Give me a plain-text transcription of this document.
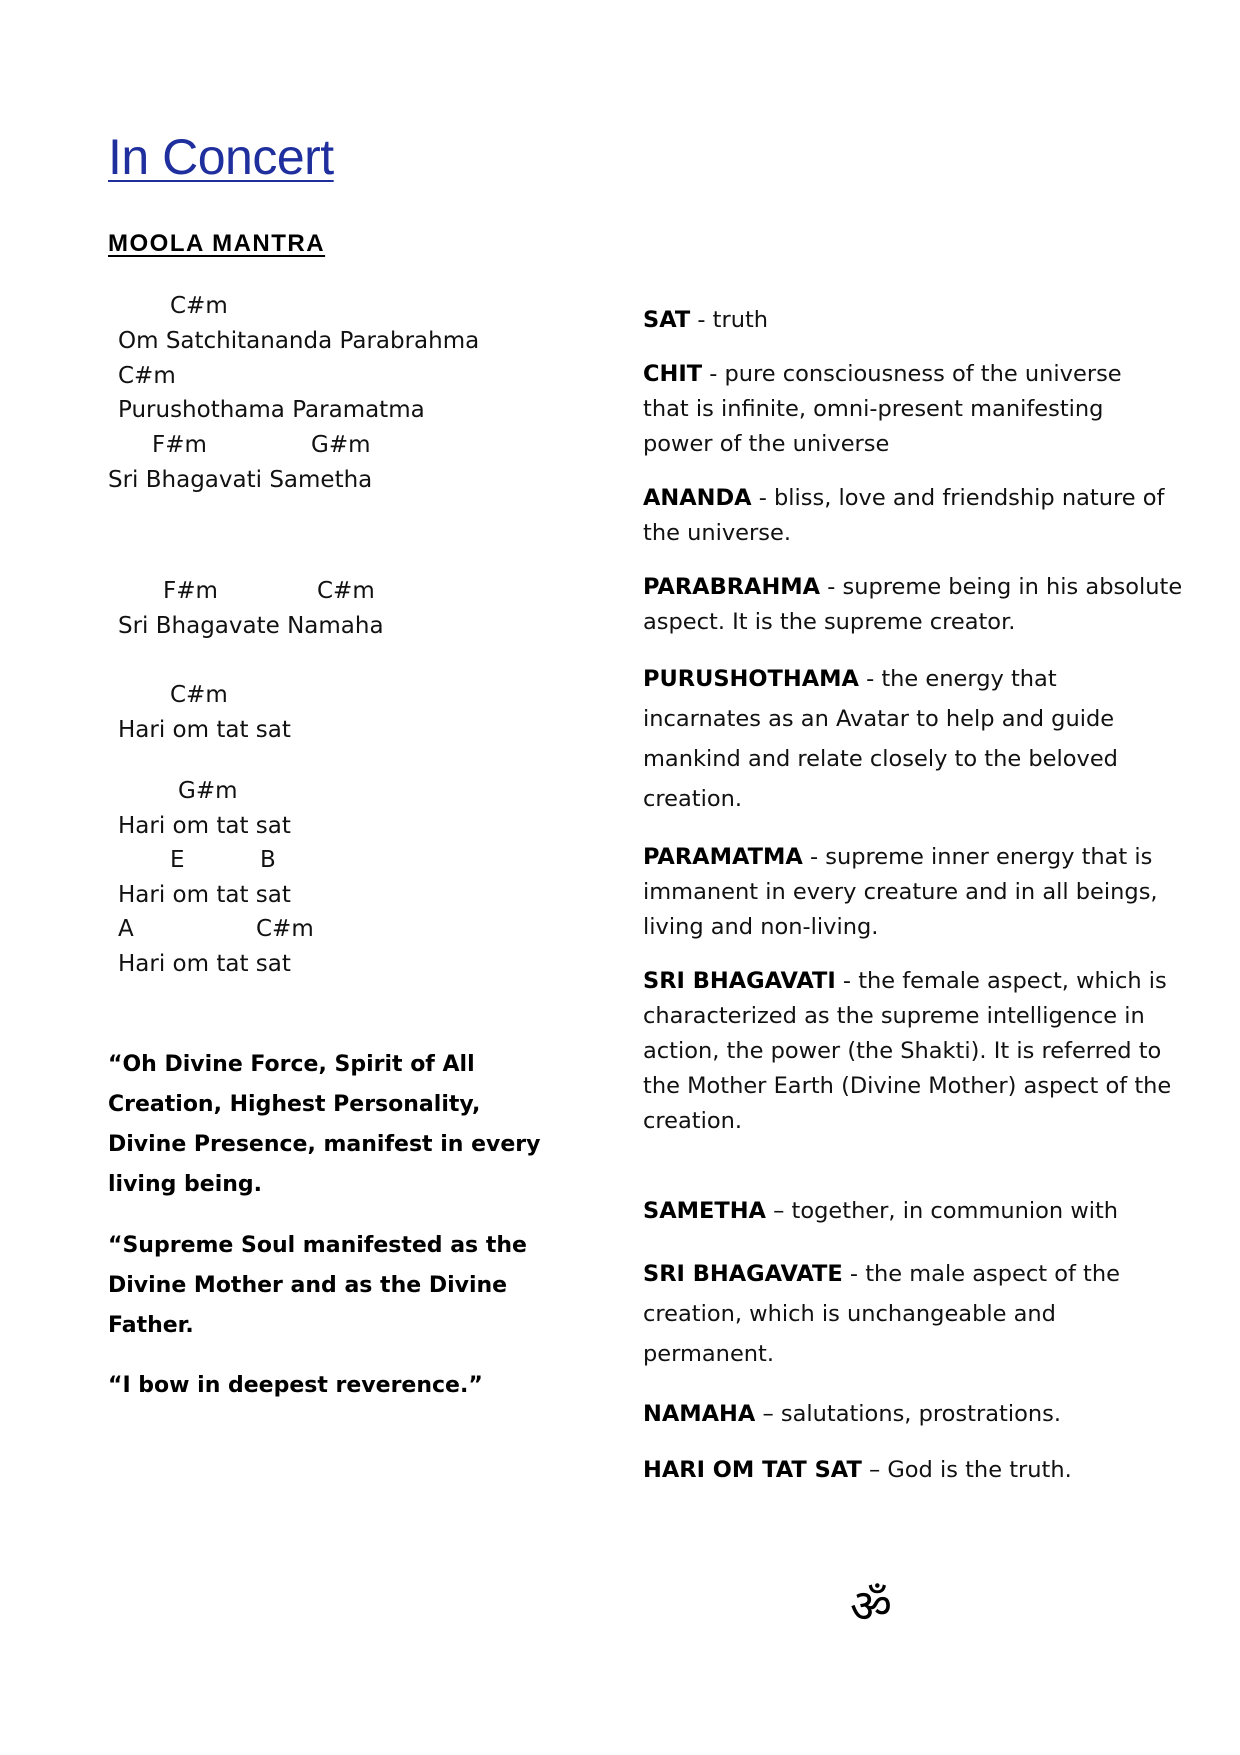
In Concert
MOOLA MANTRA
C#m
Om Satchitananda Parabrahma
C#m
Purushothama Paramatma
F#m	G#m
Sri Bhagavati Sametha
F#m	C#m
Sri Bhagavate Namaha
C#m
Hari om tat sat
G#m
Hari om tat sat
E	B
Hari om tat sat
A	C#m
Hari om tat sat

“Oh Divine Force, Spirit of All Creation, Highest Personality, Divine Presence, manifest in every living being.

“Supreme Soul manifested as the Divine Mother and as the Divine Father.

“I bow in deepest reverence.”

SAT - truth

CHIT - pure consciousness of the universe that is infinite, omni-present manifesting power of the universe

ANANDA - bliss, love and friendship nature of the universe.

PARABRAHMA - supreme being in his absolute aspect. It is the supreme creator.

PURUSHOTHAMA - the energy that incarnates as an Avatar to help and guide mankind and relate closely to the beloved creation.

PARAMATMA - supreme inner energy that is immanent in every creature and in all beings, living and non-living.

SRI BHAGAVATI - the female aspect, which is characterized as the supreme intelligence in action, the power (the Shakti). It is referred to the Mother Earth (Divine Mother) aspect of the creation.

SAMETHA – together, in communion with

SRI BHAGAVATE - the male aspect of the creation, which is unchangeable and permanent.

NAMAHA – salutations, prostrations.

HARI OM TAT SAT – God is the truth.

ॐ
